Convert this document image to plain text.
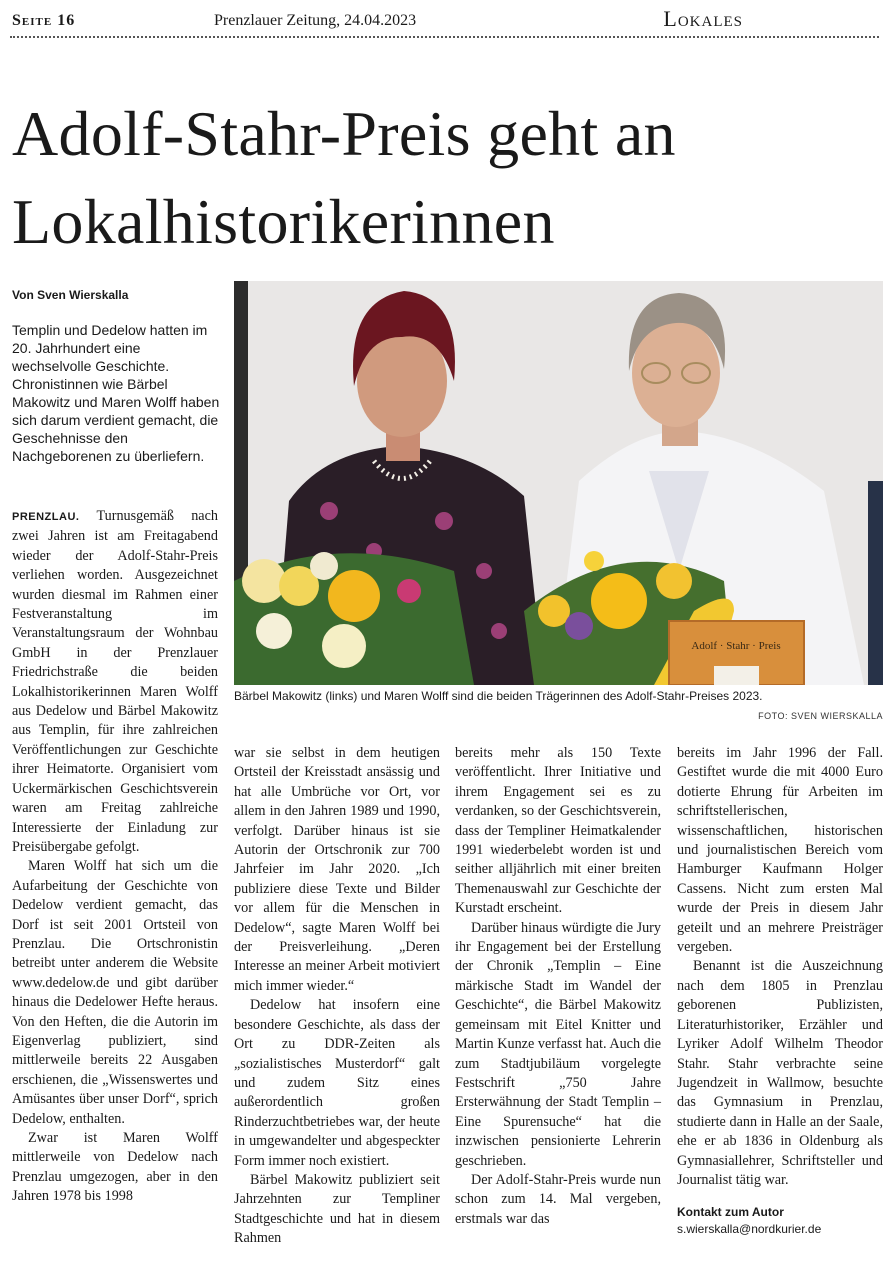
Seite 16	Prenzlauer Zeitung, 24.04.2023	Lokales
Adolf-Stahr-Preis geht an Lokalhistorikerinnen
Von Sven Wierskalla

Templin und Dedelow hatten im 20. Jahrhundert eine wechselvolle Geschichte. Chronistinnen wie Bärbel Makowitz und Maren Wolff haben sich darum verdient gemacht, die Geschehnisse den Nachgeborenen zu überliefern.

Adolf · Stahr · Preis

Bärbel Makowitz (links) und Maren Wolff sind die beiden Trägerinnen des Adolf-Stahr-Preises 2023.

FOTO: SVEN WIERSKALLA

PRENZLAU. Turnusgemäß nach zwei Jahren ist am Freitagabend wieder der Adolf-Stahr-Preis verliehen worden. Ausgezeichnet wurden diesmal im Rahmen einer Festveranstaltung im Veranstaltungsraum der Wohnbau GmbH in der Prenzlauer Friedrichstraße die beiden Lokalhistorikerinnen Maren Wolff aus Dedelow und Bärbel Makowitz aus Templin, für ihre zahlreichen Veröffentlichungen zur Geschichte ihrer Heimatorte. Organisiert vom Uckermärkischen Geschichtsverein waren am Freitag zahlreiche Interessierte der Einladung zur Preisübergabe gefolgt.

Maren Wolff hat sich um die Aufarbeitung der Geschichte von Dedelow verdient gemacht, das Dorf ist seit 2001 Ortsteil von Prenzlau. Die Ortschronistin betreibt unter anderem die Website www.dedelow.de und gibt darüber hinaus die Dedelower Hefte heraus. Von den Heften, die die Autorin im Eigenverlag publiziert, sind mittlerweile bereits 22 Ausgaben erschienen, die „Wissenswertes und Amüsantes über unser Dorf“, sprich Dedelow, enthalten.

Zwar ist Maren Wolff mittlerweile von Dedelow nach Prenzlau umgezogen, aber in den Jahren 1978 bis 1998

war sie selbst in dem heutigen Ortsteil der Kreisstadt ansässig und hat alle Umbrüche vor Ort, vor allem in den Jahren 1989 und 1990, verfolgt. Darüber hinaus ist sie Autorin der Ortschronik zur 700 Jahrfeier im Jahr 2020. „Ich publiziere diese Texte und Bilder vor allem für die Menschen in Dedelow“, sagte Maren Wolff bei der Preisverleihung. „Deren Interesse an meiner Arbeit motiviert mich immer wieder.“

Dedelow hat insofern eine besondere Geschichte, als dass der Ort zu DDR-Zeiten als „sozialistisches Musterdorf“ galt und zudem Sitz eines außerordentlich großen Rinderzuchtbetriebes war, der heute in umgewandelter und abgespeckter Form immer noch existiert.

Bärbel Makowitz publiziert seit Jahrzehnten zur Templiner Stadtgeschichte und hat in diesem Rahmen

bereits mehr als 150 Texte veröffentlicht. Ihrer Initiative und ihrem Engagement sei es zu verdanken, so der Geschichtsverein, dass der Templiner Heimatkalender 1991 wiederbelebt worden ist und seither alljährlich mit einer breiten Themenauswahl zur Geschichte der Kurstadt erscheint.

Darüber hinaus würdigte die Jury ihr Engagement bei der Erstellung der Chronik „Templin – Eine märkische Stadt im Wandel der Geschichte“, die Bärbel Makowitz gemeinsam mit Eitel Knitter und Martin Kunze verfasst hat. Auch die zum Stadtjubiläum vorgelegte Festschrift „750 Jahre Ersterwähnung der Stadt Templin – Eine Spurensuche“ hat die inzwischen pensionierte Lehrerin geschrieben.

Der Adolf-Stahr-Preis wurde nun schon zum 14. Mal vergeben, erstmals war das

bereits im Jahr 1996 der Fall. Gestiftet wurde die mit 4000 Euro dotierte Ehrung für Arbeiten im schriftstellerischen, wissenschaftlichen, historischen und journalistischen Bereich vom Hamburger Kaufmann Holger Cassens. Nicht zum ersten Mal wurde der Preis in diesem Jahr geteilt und an mehrere Preisträger vergeben.

Benannt ist die Auszeichnung nach dem 1805 in Prenzlau geborenen Publizisten, Literaturhistoriker, Erzähler und Lyriker Adolf Wilhelm Theodor Stahr. Stahr verbrachte seine Jugendzeit in Wallmow, besuchte das Gymnasium in Prenzlau, studierte dann in Halle an der Saale, ehe er ab 1836 in Oldenburg als Gymnasiallehrer, Schriftsteller und Journalist tätig war.

Kontakt zum Autor
s.wierskalla@nordkurier.de
